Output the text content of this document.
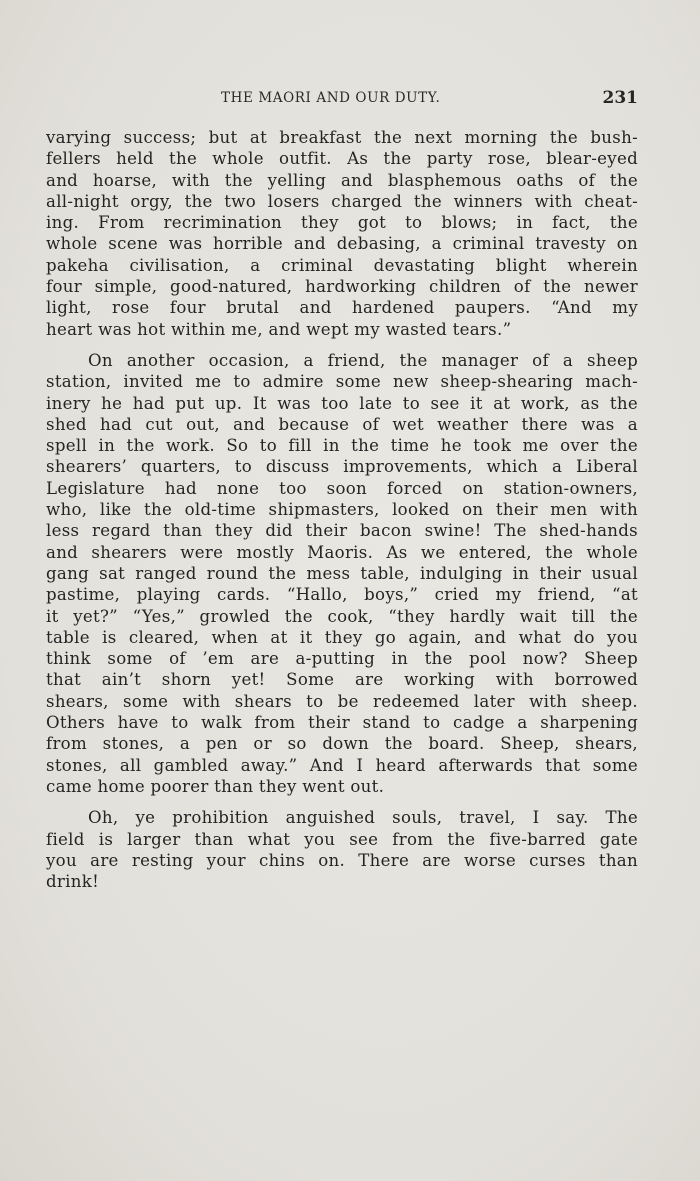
THE MAORI AND OUR DUTY.	231

varying success; but at breakfast the next morning the bush-
fellers held the whole outfit. As the party rose, blear-eyed
and hoarse, with the yelling and blasphemous oaths of the
all-night orgy, the two losers charged the winners with cheat-
ing. From recrimination they got to blows; in fact, the
whole scene was horrible and debasing, a criminal travesty on
pakeha civilisation, a criminal devastating blight wherein
four simple, good-natured, hardworking children of the newer
light, rose four brutal and hardened paupers. “And my
heart was hot within me, and wept my wasted tears.”

On another occasion, a friend, the manager of a sheep
station, invited me to admire some new sheep-shearing mach-
inery he had put up. It was too late to see it at work, as the
shed had cut out, and because of wet weather there was a
spell in the work. So to fill in the time he took me over the
shearers’ quarters, to discuss improvements, which a Liberal
Legislature had none too soon forced on station-owners,
who, like the old-time shipmasters, looked on their men with
less regard than they did their bacon swine! The shed-hands
and shearers were mostly Maoris. As we entered, the whole
gang sat ranged round the mess table, indulging in their usual
pastime, playing cards. “Hallo, boys,” cried my friend, “at
it yet?” “Yes,” growled the cook, “they hardly wait till the
table is cleared, when at it they go again, and what do you
think some of ’em are a-putting in the pool now? Sheep
that ain’t shorn yet! Some are working with borrowed
shears, some with shears to be redeemed later with sheep.
Others have to walk from their stand to cadge a sharpening
from stones, a pen or so down the board. Sheep, shears,
stones, all gambled away.” And I heard afterwards that some
came home poorer than they went out.

Oh, ye prohibition anguished souls, travel, I say. The
field is larger than what you see from the five-barred gate
you are resting your chins on. There are worse curses than
drink!
